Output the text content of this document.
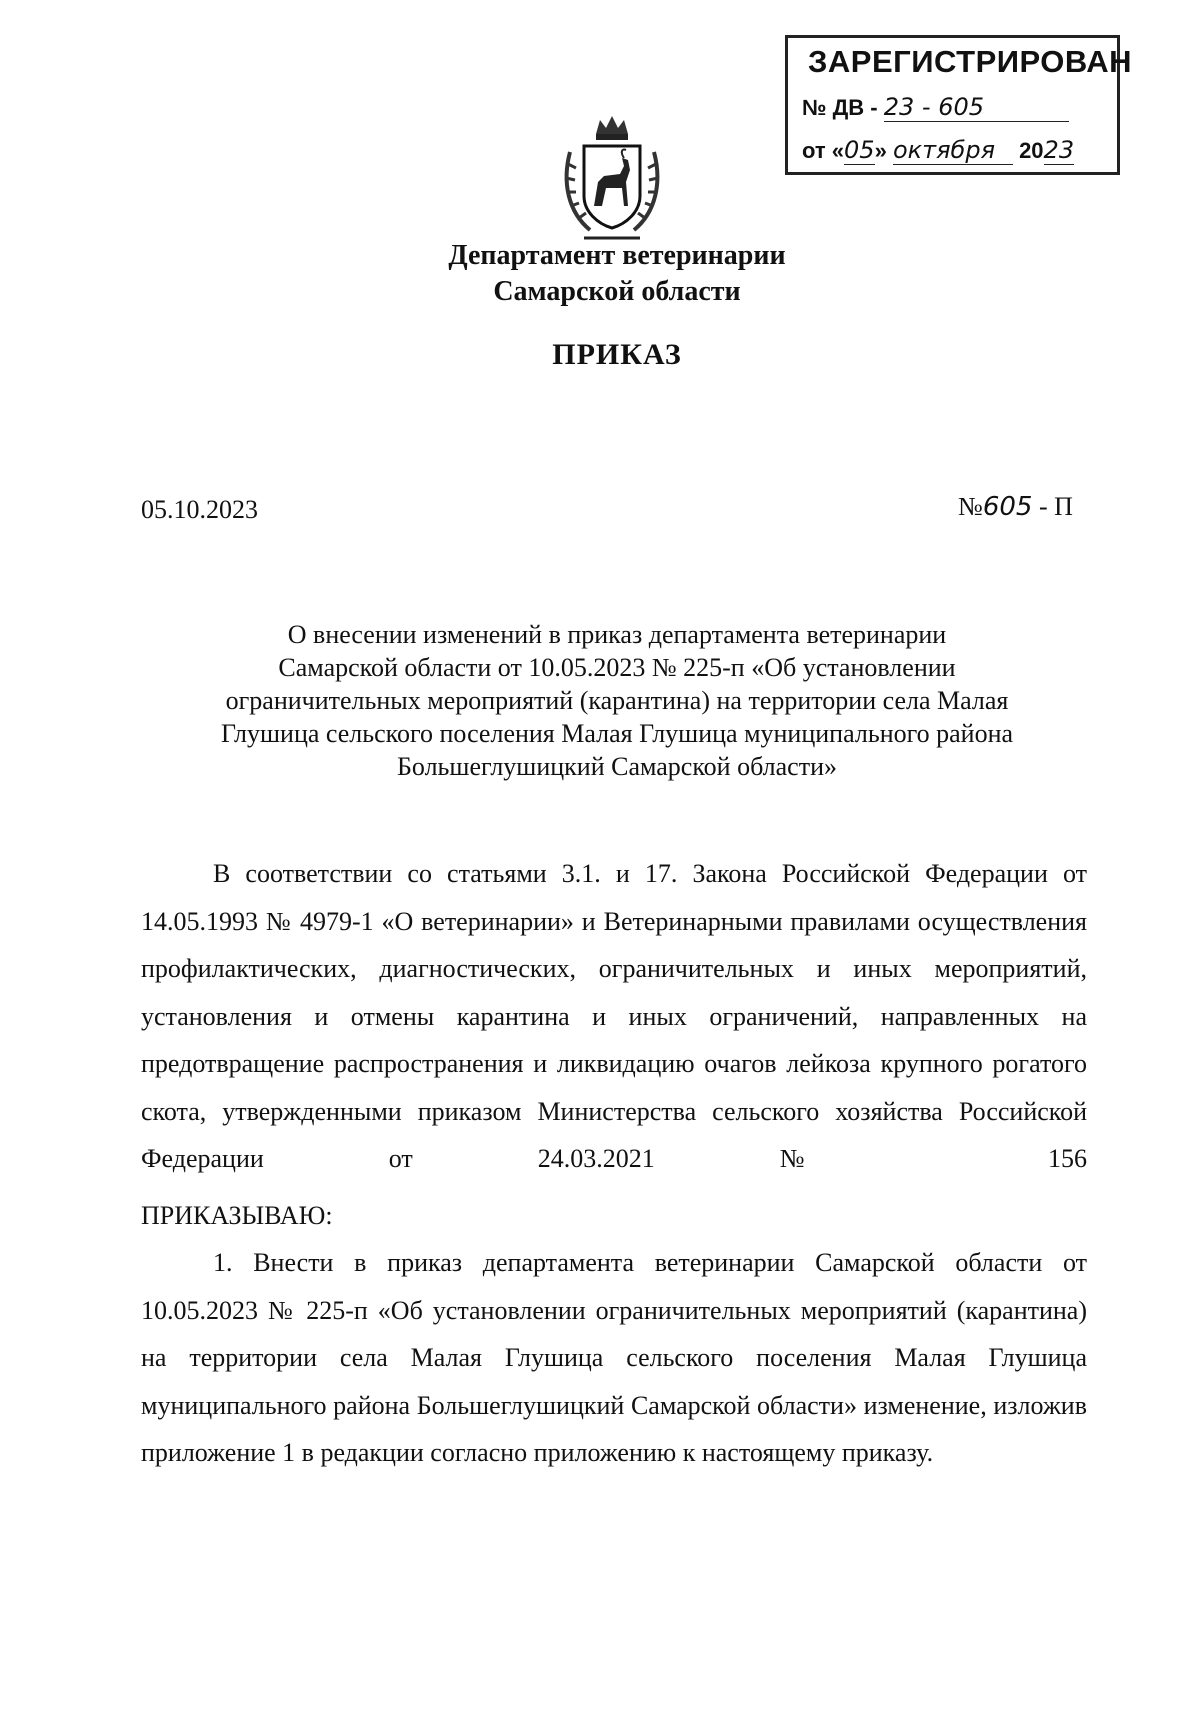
ЗАРЕГИСТРИРОВАН
№ ДВ - 23 - 605
от «05» октября 2023
Департамент ветеринарии
Самарской области
ПРИКАЗ
05.10.2023	№605 - П
О внесении изменений в приказ департамента ветеринарии
Самарской области от 10.05.2023 № 225-п «Об установлении
ограничительных мероприятий (карантина) на территории села Малая
Глушица сельского поселения Малая Глушица муниципального района
Большеглушицкий Самарской области»

В соответствии со статьями 3.1. и 17. Закона Российской Федерации от 14.05.1993 № 4979-1 «О ветеринарии» и Ветеринарными правилами осуществления профилактических, диагностических, ограничительных и иных мероприятий, установления и отмены карантина и иных ограничений, направленных на предотвращение распространения и ликвидацию очагов лейкоза крупного рогатого скота, утвержденными приказом Министерства сельского хозяйства Российской Федерации от 24.03.2021 № 156

ПРИКАЗЫВАЮ:

1. Внести в приказ департамента ветеринарии Самарской области от 10.05.2023 № 225-п «Об установлении ограничительных мероприятий (карантина) на территории села Малая Глушица сельского поселения Малая Глушица муниципального района Большеглушицкий Самарской области» изменение, изложив приложение 1 в редакции согласно приложению к настоящему приказу.
